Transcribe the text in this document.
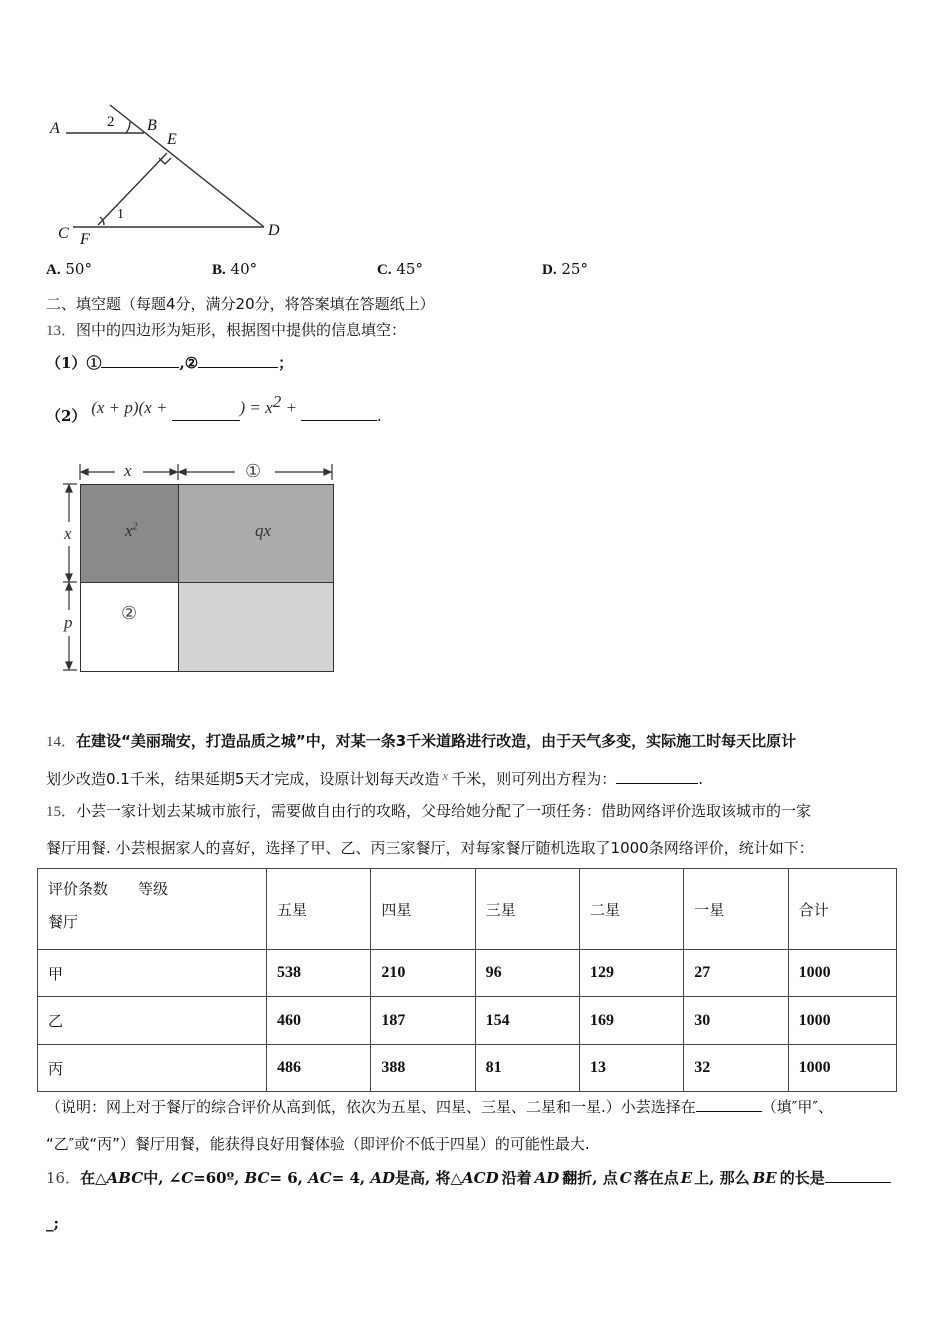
A	2 B
E
1
C F
D
A. 50°	B. 40°	C. 45°	D. 25°
二、填空题（每题4分，满分20分，将答案填在答题纸上）
13．图中的四边形为矩形，根据图中提供的信息填空：
（1）①	,②	；
（2） (x + p)(x +	) = $x^2$ +	.
$x^2$	qx
②
x	①
x
p
14．在建设“美丽瑞安，打造品质之城”中，对某一条3千米道路进行改造，由于天气多变，实际施工时每天比原计
划少改造0.1千米，结果延期5天才完成，设原计划每天改造 x 千米，则可列出方程为：	.
15．小芸一家计划去某城市旅行，需要做自由行的攻略，父母给她分配了一项任务：借助网络评价选取该城市的一家
餐厅用餐. 小芸根据家人的喜好，选择了甲、乙、丙三家餐厅，对每家餐厅随机选取了1000条网络评价，统计如下：
评价条数　　等级
餐厅	五星	四星	三星	二星	一星	合计
甲	538	210	96	129	27	1000
乙	460	187	154	169	30	1000
丙	486	388	81	13	32	1000
（说明：网上对于餐厅的综合评价从高到低，依次为五星、四星、三星、二星和一星.）小芸选择在	（填″甲″、
“乙″或“丙”）餐厅用餐，能获得良好用餐体验（即评价不低于四星）的可能性最大.
16．在△ABC中, ∠C=60º, BC= 6, AC= 4, AD是高, 将△ACD 沿着 AD 翻折, 点 C 落在点 E 上, 那么 BE 的长是
_;
